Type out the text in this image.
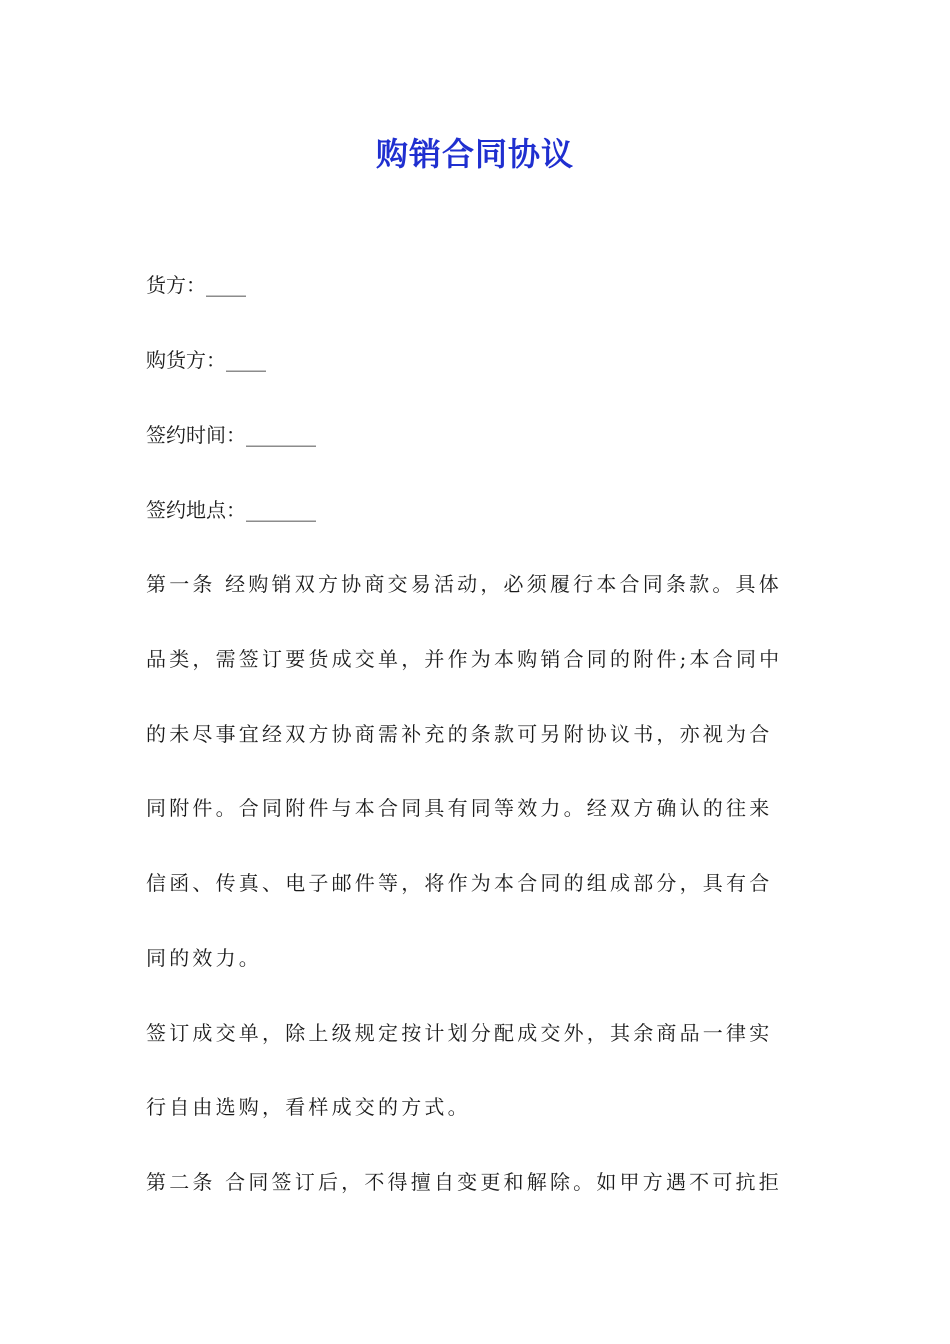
购销合同协议
货方：____
购货方：____
签约时间：_______
签约地点：_______
第一条 经购销双方协商交易活动，必须履行本合同条款。具体
品类，需签订要货成交单，并作为本购销合同的附件;本合同中
的未尽事宜经双方协商需补充的条款可另附协议书，亦视为合
同附件。合同附件与本合同具有同等效力。经双方确认的往来
信函、传真、电子邮件等，将作为本合同的组成部分，具有合
同的效力。
签订成交单，除上级规定按计划分配成交外，其余商品一律实
行自由选购，看样成交的方式。
第二条 合同签订后，不得擅自变更和解除。如甲方遇不可抗拒
